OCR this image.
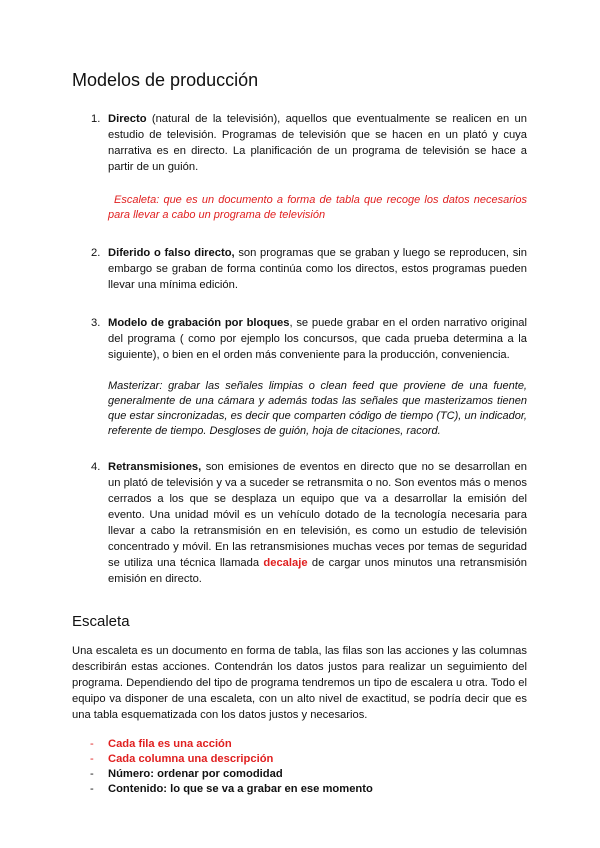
Modelos de producción
1. Directo (natural de la televisión), aquellos que eventualmente se realicen en un estudio de televisión. Programas de televisión que se hacen en un plató y cuya narrativa es en directo. La planificación de un programa de televisión se hace a partir de un guión.

Escaleta: que es un documento a forma de tabla que recoge los datos necesarios para llevar a cabo un programa de televisión

2. Diferido o falso directo, son programas que se graban y luego se reproducen, sin embargo se graban de forma continúa como los directos, estos programas pueden llevar una mínima edición.

3. Modelo de grabación por bloques, se puede grabar en el orden narrativo original del programa ( como por ejemplo los concursos, que cada prueba determina a la siguiente), o bien en el orden más conveniente para la producción, conveniencia.

Masterizar: grabar las señales limpias o clean feed que proviene de una fuente, generalmente de una cámara y además todas las señales que masterizamos tienen que estar sincronizadas, es decir que comparten código de tiempo (TC), un indicador, referente de tiempo. Desgloses de guión, hoja de citaciones, racord.

4. Retransmisiones, son emisiones de eventos en directo que no se desarrollan en un plató de televisión y va a suceder se retransmita o no. Son eventos más o menos cerrados a los que se desplaza un equipo que va a desarrollar la emisión del evento. Una unidad móvil es un vehículo dotado de la tecnología necesaria para llevar a cabo la retransmisión en en televisión, es como un estudio de televisión concentrado y móvil. En las retransmisiones muchas veces por temas de seguridad se utiliza una técnica llamada decalaje de cargar unos minutos una retransmisión emisión en directo.

Escaleta

Una escaleta es un documento en forma de tabla, las filas son las acciones y las columnas describirán estas acciones. Contendrán los datos justos para realizar un seguimiento del programa. Dependiendo del tipo de programa tendremos un tipo de escalera u otra. Todo el equipo va disponer de una escaleta, con un alto nivel de exactitud, se podría decir que es una tabla esquematizada con los datos justos y necesarios.

- Cada fila es una acción
- Cada columna una descripción
- Número: ordenar por comodidad
- Contenido: lo que se va a grabar en ese momento
